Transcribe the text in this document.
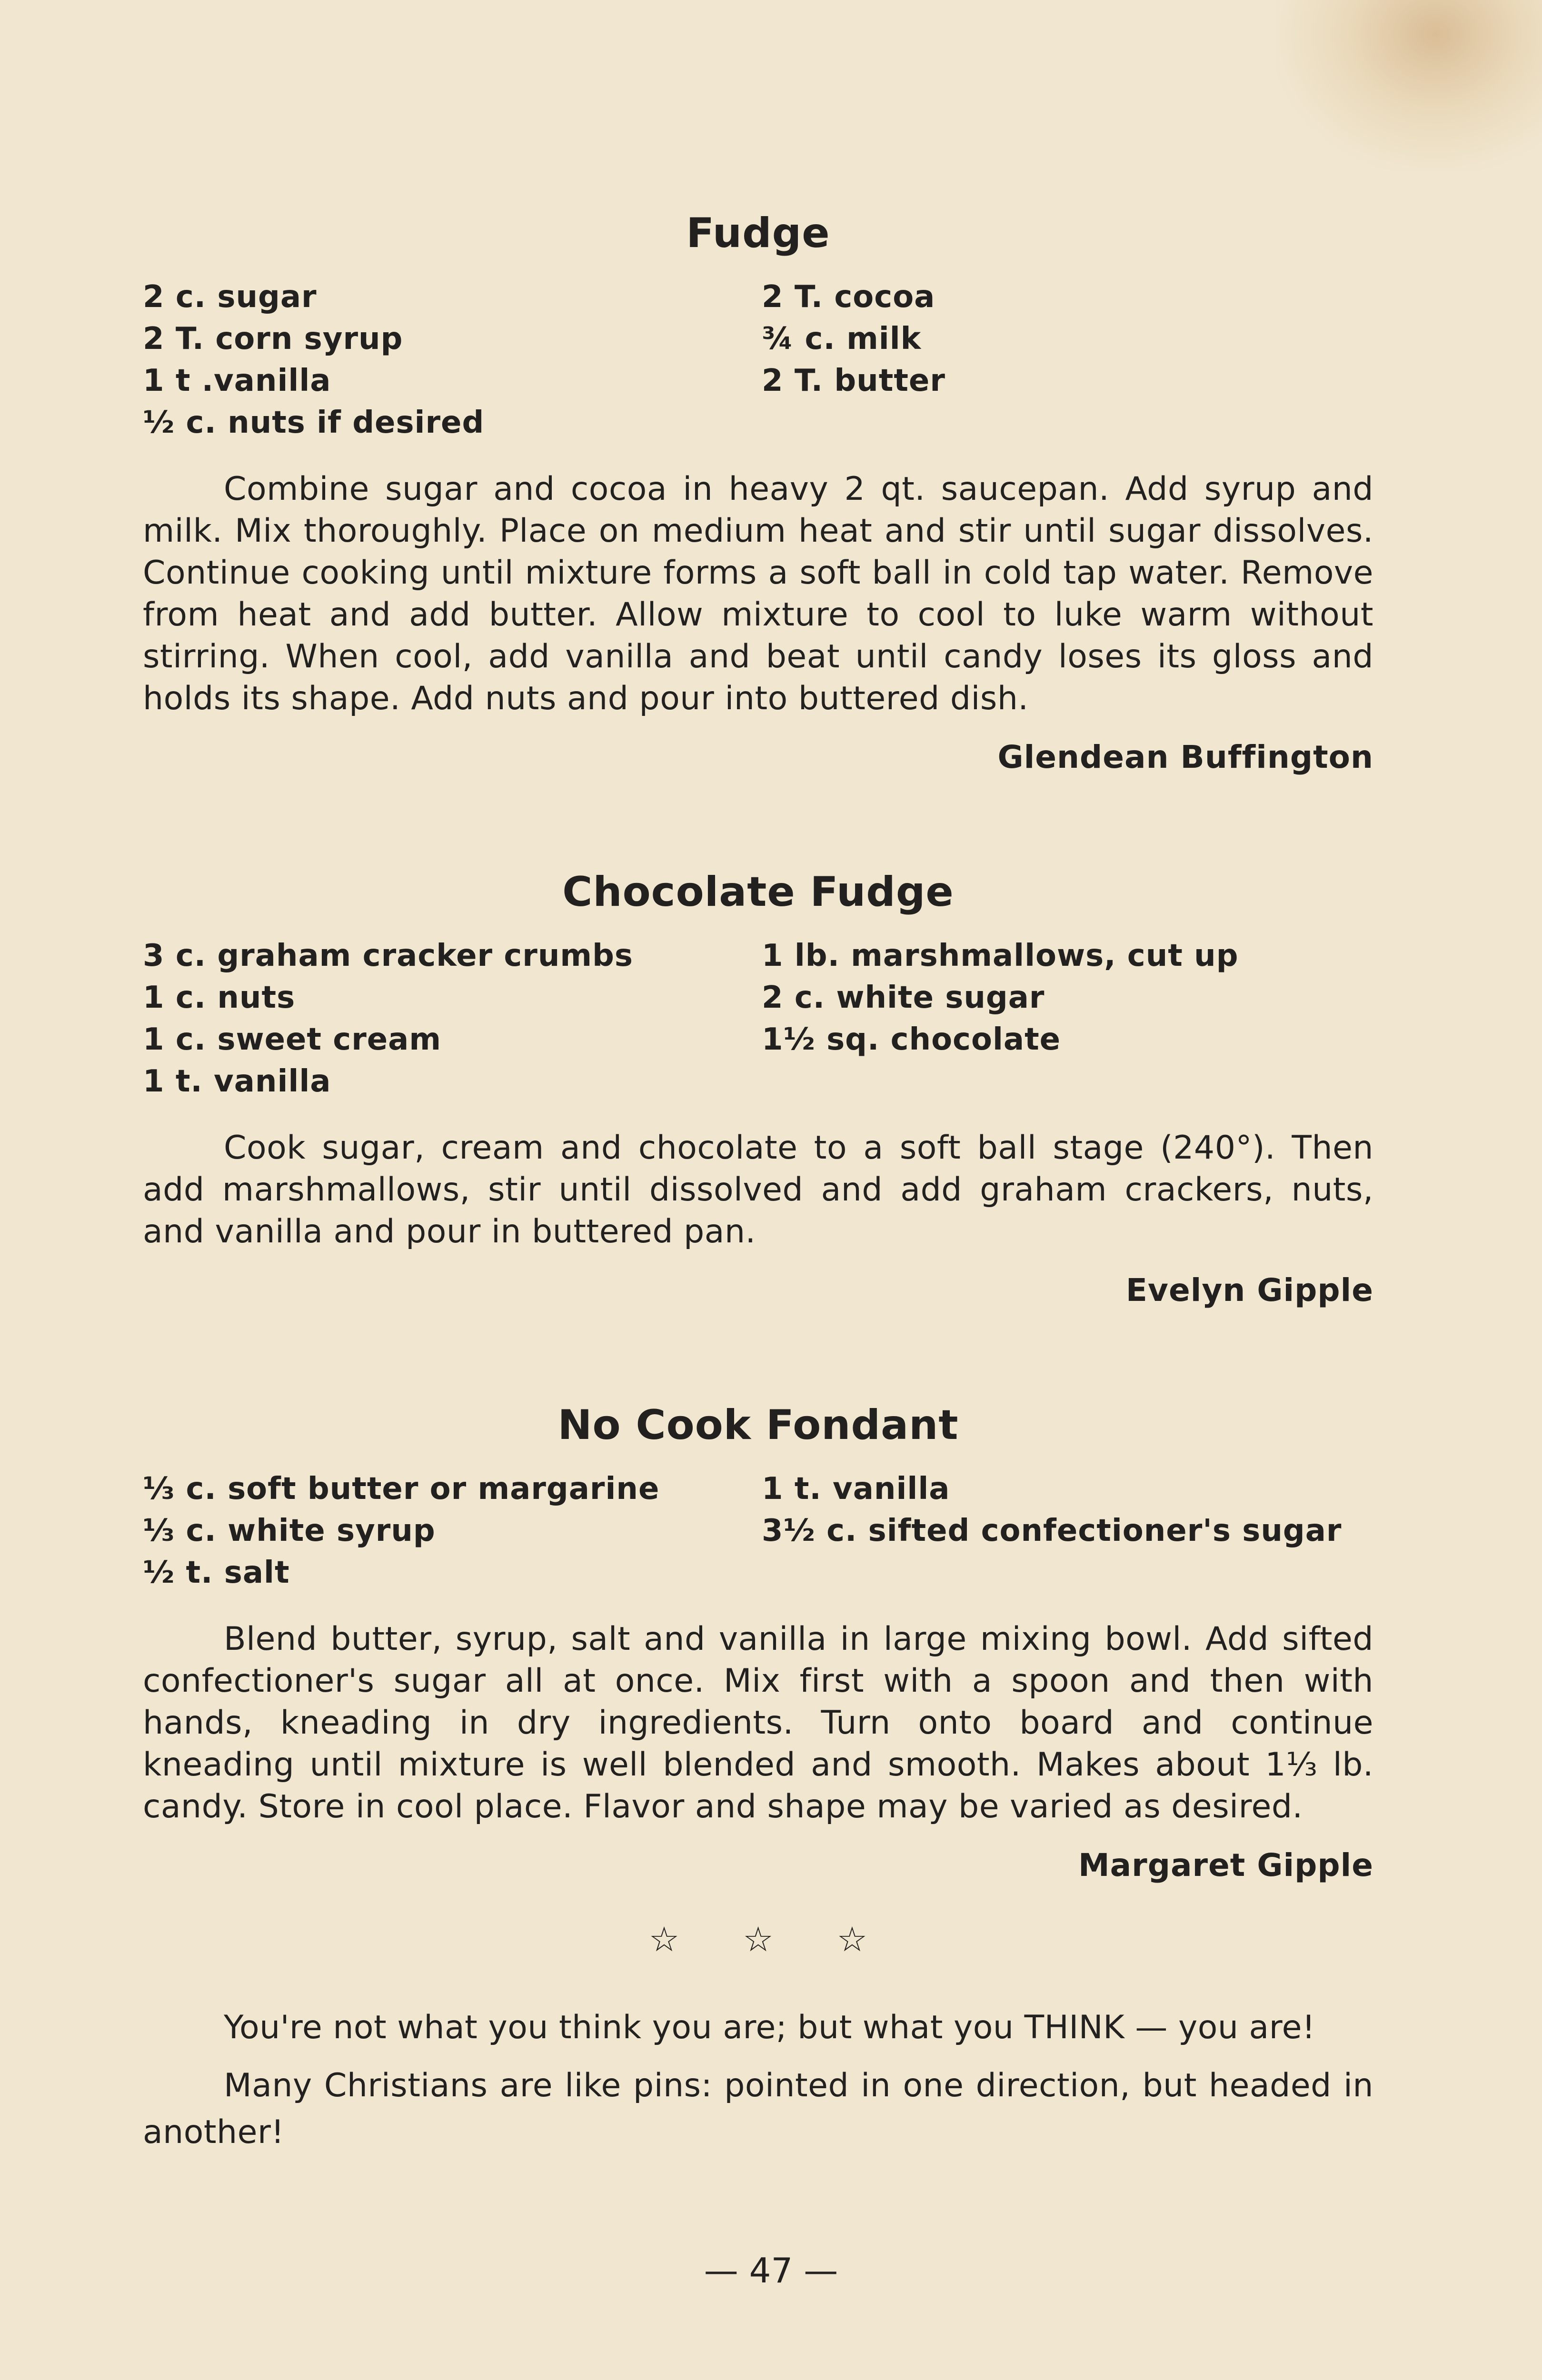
Fudge
2 c. sugar
2 T. corn syrup
1 t .vanilla
½ c. nuts if desired
2 T. cocoa
¾ c. milk
2 T. butter

Combine sugar and cocoa in heavy 2 qt. saucepan. Add syrup and milk. Mix thoroughly. Place on medium heat and stir until sugar dissolves. Continue cooking until mixture forms a soft ball in cold tap water. Remove from heat and add butter. Allow mixture to cool to luke warm without stirring. When cool, add vanilla and beat until candy loses its gloss and holds its shape. Add nuts and pour into buttered dish.

Glendean Buffington
Chocolate Fudge
3 c. graham cracker crumbs
1 c. nuts
1 c. sweet cream
1 t. vanilla
1 lb. marshmallows, cut up
2 c. white sugar
1½ sq. chocolate

Cook sugar, cream and chocolate to a soft ball stage (240°). Then add marshmallows, stir until dissolved and add graham crackers, nuts, and vanilla and pour in buttered pan.

Evelyn Gipple
No Cook Fondant
⅓ c. soft butter or margarine
⅓ c. white syrup
½ t. salt
1 t. vanilla
3½ c. sifted confectioner's sugar

Blend butter, syrup, salt and vanilla in large mixing bowl. Add sifted confectioner's sugar all at once. Mix first with a spoon and then with hands, kneading in dry ingredients. Turn onto board and continue kneading until mixture is well blended and smooth. Makes about 1⅓ lb. candy. Store in cool place. Flavor and shape may be varied as desired.

Margaret Gipple
☆ ☆ ☆

You're not what you think you are; but what you THINK — you are!

Many Christians are like pins: pointed in one direction, but headed in another!

— 47 —
